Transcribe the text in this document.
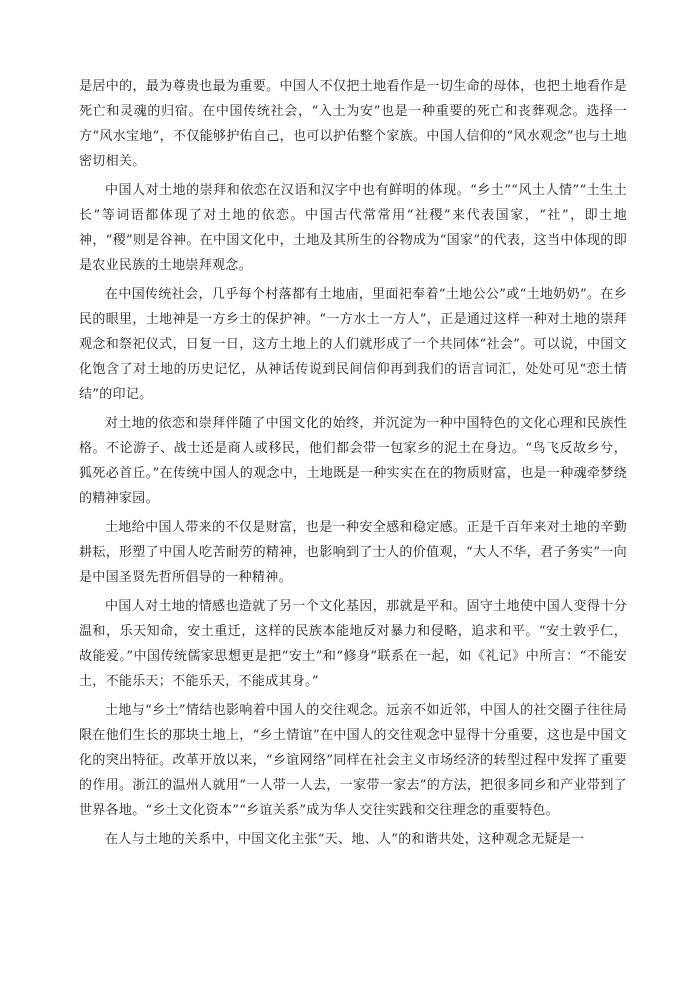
是居中的，最为尊贵也最为重要。中国人不仅把土地看作是一切生命的母体，也把土地看作是死亡和灵魂的归宿。在中国传统社会，“入土为安”也是一种重要的死亡和丧葬观念。选择一方“风水宝地”，不仅能够护佑自己，也可以护佑整个家族。中国人信仰的“风水观念”也与土地密切相关。

中国人对土地的崇拜和依恋在汉语和汉字中也有鲜明的体现。“乡土”“风土人情”“土生土长”等词语都体现了对土地的依恋。中国古代常常用“社稷”来代表国家，“社”，即土地神，“稷”则是谷神。在中国文化中，土地及其所生的谷物成为“国家”的代表，这当中体现的即是农业民族的土地崇拜观念。

在中国传统社会，几乎每个村落都有土地庙，里面祀奉着“土地公公”或“土地奶奶”。在乡民的眼里，土地神是一方乡土的保护神。“一方水土一方人”，正是通过这样一种对土地的崇拜观念和祭祀仪式，日复一日，这方土地上的人们就形成了一个共同体“社会”。可以说，中国文化饱含了对土地的历史记忆，从神话传说到民间信仰再到我们的语言词汇，处处可见“恋土情结”的印记。

对土地的依恋和崇拜伴随了中国文化的始终，并沉淀为一种中国特色的文化心理和民族性格。不论游子、战士还是商人或移民，他们都会带一包家乡的泥土在身边。“鸟飞反故乡兮，狐死必首丘。”在传统中国人的观念中，土地既是一种实实在在的物质财富，也是一种魂牵梦绕的精神家园。

土地给中国人带来的不仅是财富，也是一种安全感和稳定感。正是千百年来对土地的辛勤耕耘，形塑了中国人吃苦耐劳的精神，也影响到了士人的价值观，“大人不华，君子务实”一向是中国圣贤先哲所倡导的一种精神。

中国人对土地的情感也造就了另一个文化基因，那就是平和。固守土地使中国人变得十分温和，乐天知命，安土重迁，这样的民族本能地反对暴力和侵略，追求和平。“安土敦乎仁，故能爱。”中国传统儒家思想更是把“安土”和“修身”联系在一起，如《礼记》中所言：“不能安土，不能乐天；不能乐天，不能成其身。”

土地与“乡土”情结也影响着中国人的交往观念。远亲不如近邻，中国人的社交圈子往往局限在他们生长的那块土地上，“乡土情谊”在中国人的交往观念中显得十分重要，这也是中国文化的突出特征。改革开放以来，“乡谊网络”同样在社会主义市场经济的转型过程中发挥了重要的作用。浙江的温州人就用“一人带一人去，一家带一家去”的方法，把很多同乡和产业带到了世界各地。“乡土文化资本”“乡谊关系”成为华人交往实践和交往理念的重要特色。

在人与土地的关系中，中国文化主张“天、地、人”的和谐共处，这种观念无疑是一
